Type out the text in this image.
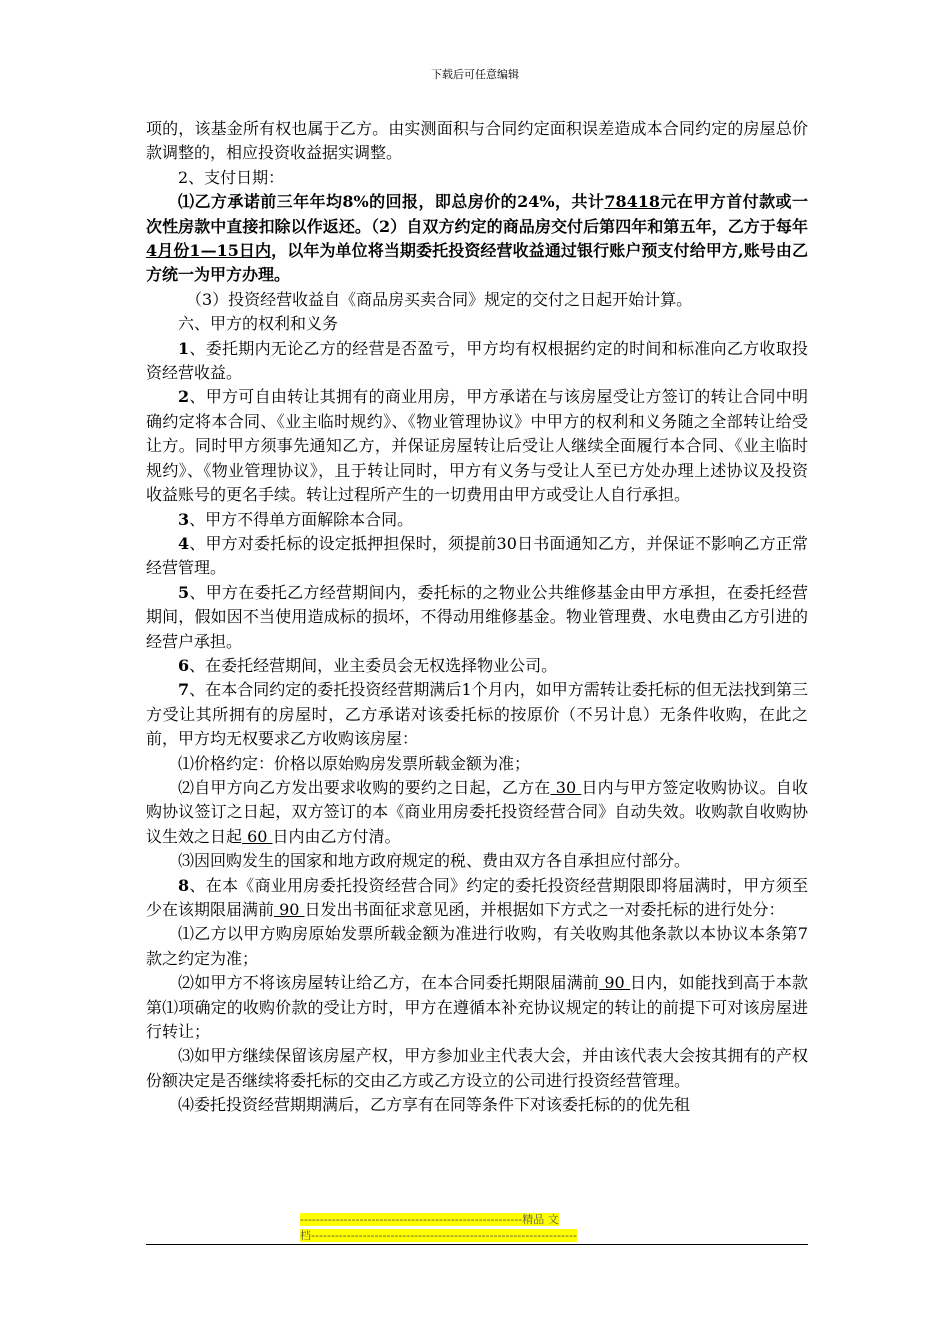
下载后可任意编辑

项的，该基金所有权也属于乙方。由实测面积与合同约定面积误差造成本合同约定的房屋总价款调整的，相应投资收益据实调整。

2、支付日期：

⑴乙方承诺前三年年均8%的回报，即总房价的24%，共计78418元在甲方首付款或一次性房款中直接扣除以作返还。（2）自双方约定的商品房交付后第四年和第五年，乙方于每年4月份1—15日内，以年为单位将当期委托投资经营收益通过银行账户预支付给甲方,账号由乙方统一为甲方办理。

（3）投资经营收益自《商品房买卖合同》规定的交付之日起开始计算。

六、甲方的权利和义务

1、委托期内无论乙方的经营是否盈亏，甲方均有权根据约定的时间和标准向乙方收取投资经营收益。

2、甲方可自由转让其拥有的商业用房，甲方承诺在与该房屋受让方签订的转让合同中明确约定将本合同、《业主临时规约》、《物业管理协议》中甲方的权利和义务随之全部转让给受让方。同时甲方须事先通知乙方，并保证房屋转让后受让人继续全面履行本合同、《业主临时规约》、《物业管理协议》，且于转让同时，甲方有义务与受让人至已方处办理上述协议及投资收益账号的更名手续。转让过程所产生的一切费用由甲方或受让人自行承担。

3、甲方不得单方面解除本合同。

4、甲方对委托标的设定抵押担保时，须提前30日书面通知乙方，并保证不影响乙方正常经营管理。

5、甲方在委托乙方经营期间内，委托标的之物业公共维修基金由甲方承担，在委托经营期间，假如因不当使用造成标的损坏，不得动用维修基金。物业管理费、水电费由乙方引进的经营户承担。

6、在委托经营期间，业主委员会无权选择物业公司。

7、在本合同约定的委托投资经营期满后1个月内，如甲方需转让委托标的但无法找到第三方受让其所拥有的房屋时，乙方承诺对该委托标的按原价（不另计息）无条件收购，在此之前，甲方均无权要求乙方收购该房屋：

⑴价格约定：价格以原始购房发票所载金额为准；

⑵自甲方向乙方发出要求收购的要约之日起，乙方在 30 日内与甲方签定收购协议。自收购协议签订之日起，双方签订的本《商业用房委托投资经营合同》自动失效。收购款自收购协议生效之日起 60 日内由乙方付清。

⑶因回购发生的国家和地方政府规定的税、费由双方各自承担应付部分。

8、在本《商业用房委托投资经营合同》约定的委托投资经营期限即将届满时，甲方须至少在该期限届满前 90 日发出书面征求意见函，并根据如下方式之一对委托标的进行处分：

⑴乙方以甲方购房原始发票所载金额为准进行收购，有关收购其他条款以本协议本条第7款之约定为准；

⑵如甲方不将该房屋转让给乙方，在本合同委托期限届满前 90 日内，如能找到高于本款第⑴项确定的收购价款的受让方时，甲方在遵循本补充协议规定的转让的前提下可对该房屋进行转让；

⑶如甲方继续保留该房屋产权，甲方参加业主代表大会，并由该代表大会按其拥有的产权份额决定是否继续将委托标的交由乙方或乙方设立的公司进行投资经营管理。

⑷委托投资经营期期满后，乙方享有在同等条件下对该委托标的的优先租

--------------------------------------------------------精品 文
档-------------------------------------------------------------------
